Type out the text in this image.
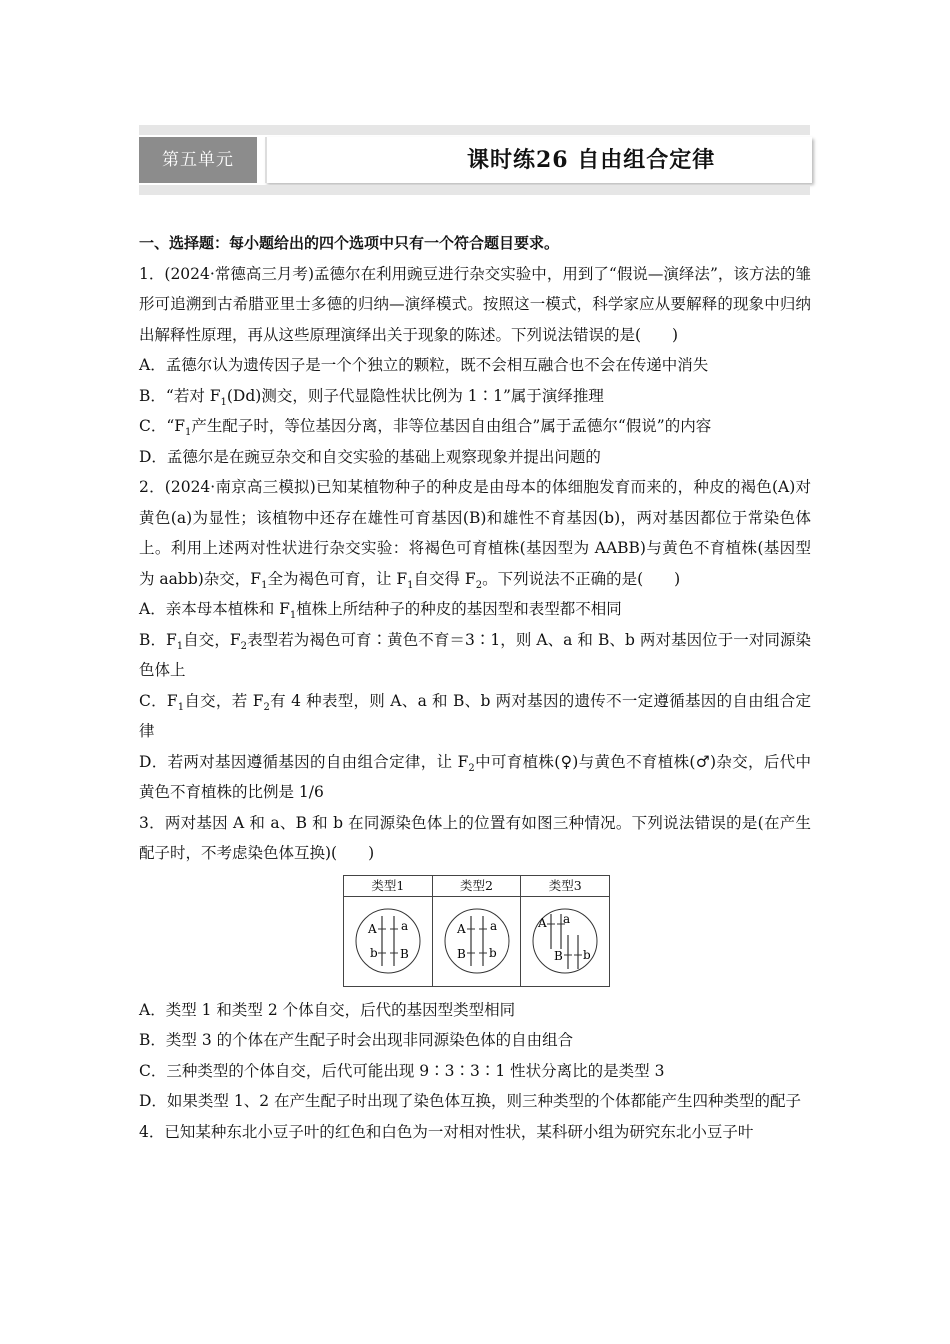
第五单元	课时练26 自由组合定律

一、选择题：每小题给出的四个选项中只有一个符合题目要求。

1．(2024·常德高三月考)孟德尔在利用豌豆进行杂交实验中，用到了“假说—演绎法”，该方法的雏形可追溯到古希腊亚里士多德的归纳—演绎模式。按照这一模式，科学家应从要解释的现象中归纳出解释性原理，再从这些原理演绎出关于现象的陈述。下列说法错误的是(　　)

A．孟德尔认为遗传因子是一个个独立的颗粒，既不会相互融合也不会在传递中消失

B．“若对 $F_1(Dd)$测交，则子代显隐性状比例为 1∶1”属于演绎推理

C．“$F_1$产生配子时，等位基因分离，非等位基因自由组合”属于孟德尔“假说”的内容

D．孟德尔是在豌豆杂交和自交实验的基础上观察现象并提出问题的

2．(2024·南京高三模拟)已知某植物种子的种皮是由母本的体细胞发育而来的，种皮的褐色(A)对黄色(a)为显性；该植物中还存在雄性可育基因(B)和雄性不育基因(b)，两对基因都位于常染色体上。利用上述两对性状进行杂交实验：将褐色可育植株(基因型为 AABB)与黄色不育植株(基因型为 aabb)杂交，$F_1$全为褐色可育，让 $F_1$自交得 $F_2$。下列说法不正确的是(　　)

A．亲本母本植株和 $F_1$植株上所结种子的种皮的基因型和表型都不相同

B．$F_1$自交，$F_2$表型若为褐色可育∶黄色不育＝3∶1，则 A、a 和 B、b 两对基因位于一对同源染色体上

C．$F_1$自交，若 $F_2$有 4 种表型，则 A、a 和 B、b 两对基因的遗传不一定遵循基因的自由组合定律

D．若两对基因遵循基因的自由组合定律，让 $F_2$中可育植株(♀)与黄色不育植株(♂)杂交，后代中黄色不育植株的比例是 1/6

3．两对基因 A 和 a、B 和 b 在同源染色体上的位置有如图三种情况。下列说法错误的是(在产生配子时，不考虑染色体互换)(　　)

类型1
A a
b B
类型2
A a
B b
类型3
A a
B b

A．类型 1 和类型 2 个体自交，后代的基因型类型相同

B．类型 3 的个体在产生配子时会出现非同源染色体的自由组合

C．三种类型的个体自交，后代可能出现 9∶3∶3∶1 性状分离比的是类型 3

D．如果类型 1、2 在产生配子时出现了染色体互换，则三种类型的个体都能产生四种类型的配子

4．已知某种东北小豆子叶的红色和白色为一对相对性状，某科研小组为研究东北小豆子叶
